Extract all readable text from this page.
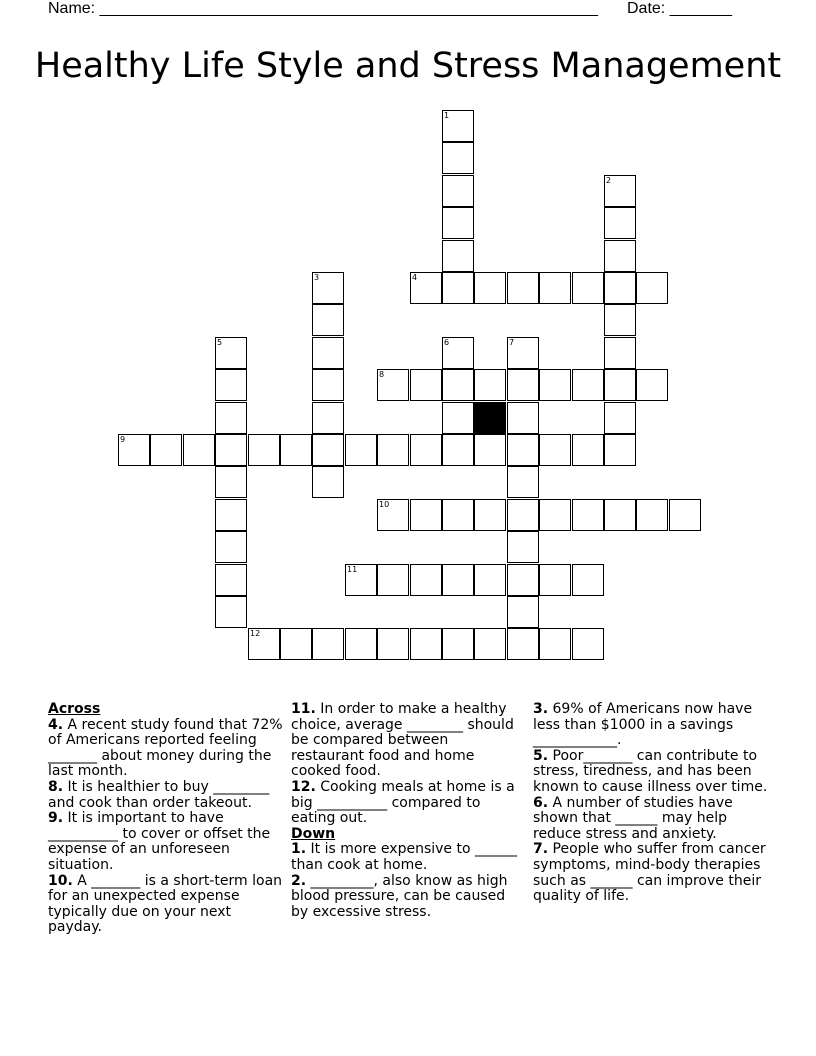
Name: ________________________________________________________ Date: _______
Healthy Life Style and Stress Management
1
2
3	4
5	6	7
8
9
10
11
12

Across

4. A recent study found that 72% of Americans reported feeling _______ about money during the last month.

8. It is healthier to buy ________ and cook than order takeout.

9. It is important to have __________ to cover or offset the expense of an unforeseen situation.

10. A _______ is a short-term loan for an unexpected expense typically due on your next payday.

11. In order to make a healthy choice, average ________ should be compared between restaurant food and home cooked food.

12. Cooking meals at home is a big __________ compared to eating out.

Down

1. It is more expensive to ______ than cook at home.

2. _________, also know as high blood pressure, can be caused by excessive stress.

3. 69% of Americans now have less than $1000 in a savings ____________.

5. Poor_______ can contribute to stress, tiredness, and has been known to cause illness over time.

6. A number of studies have shown that ______ may help reduce stress and anxiety.

7. People who suffer from cancer symptoms, mind-body therapies such as ______ can improve their quality of life.
